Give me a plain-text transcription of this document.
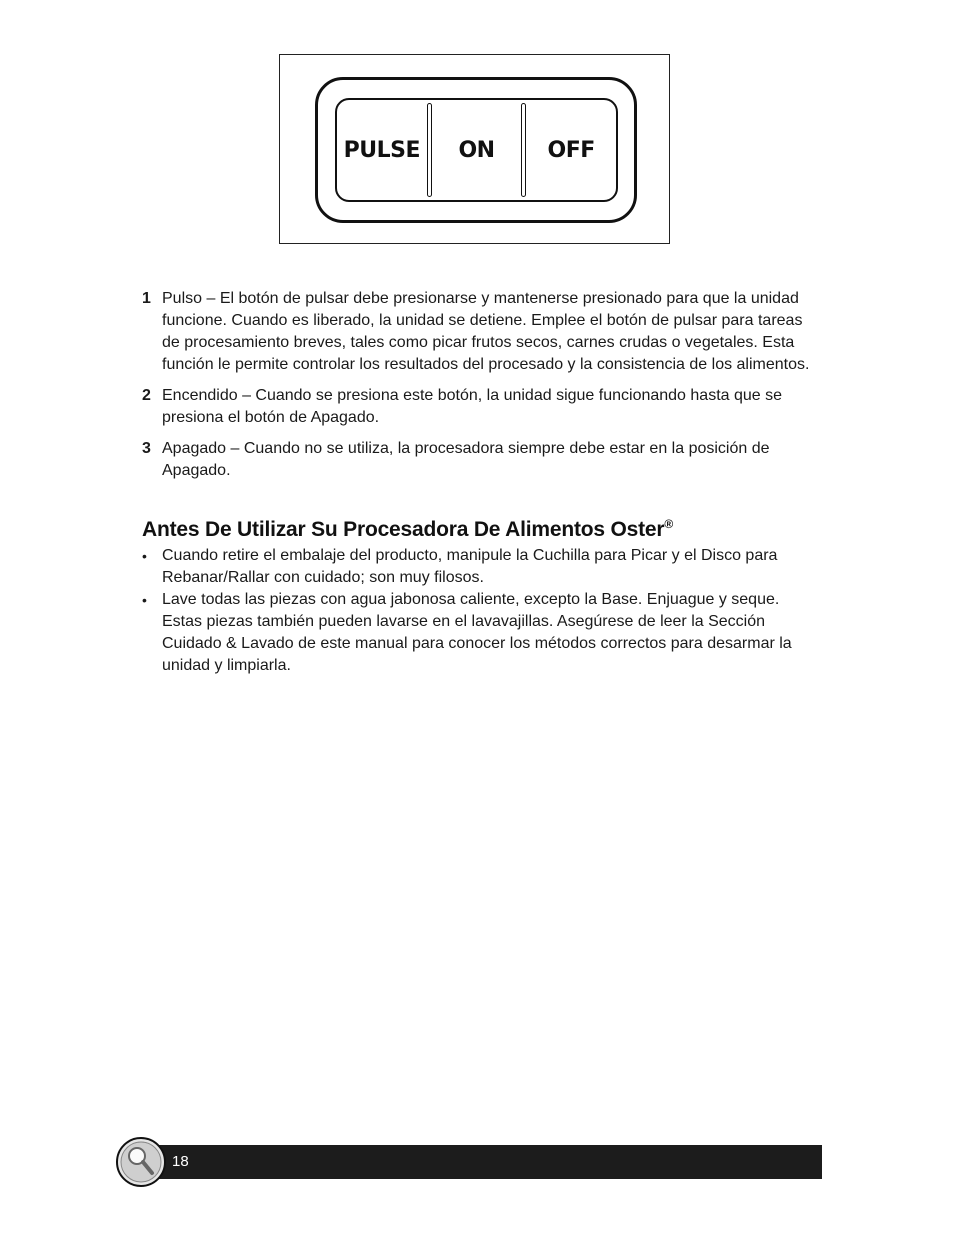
PULSE	ON	OFF
1 Pulso – El botón de pulsar debe presionarse y mantenerse presionado para que la unidad funcione. Cuando es liberado, la unidad se detiene. Emplee el botón de pulsar para tareas de procesamiento breves, tales como picar frutos secos, carnes crudas o vegetales. Esta función le permite controlar los resultados del procesado y la consistencia de los alimentos.
2 Encendido – Cuando se presiona este botón, la unidad sigue funcionando hasta que se presiona el botón de Apagado.
3 Apagado – Cuando no se utiliza, la procesadora siempre debe estar en la posición de Apagado.
Antes De Utilizar Su Procesadora De Alimentos Oster®
• Cuando retire el embalaje del producto, manipule la Cuchilla para Picar y el Disco para Rebanar/Rallar con cuidado; son muy filosos.
• Lave todas las piezas con agua jabonosa caliente, excepto la Base. Enjuague y seque. Estas piezas también pueden lavarse en el lavavajillas. Asegúrese de leer la Sección Cuidado & Lavado de este manual para conocer los métodos correctos para desarmar la unidad y limpiarla.
18
